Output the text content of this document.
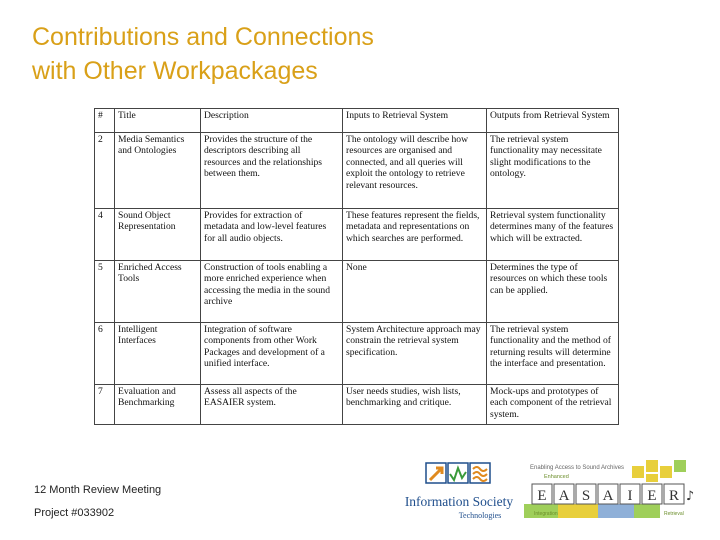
Contributions and Connections
with Other Workpackages
#	Title	Description	Inputs to Retrieval System	Outputs from Retrieval System
2	Media Semantics and Ontologies	Provides the structure of the descriptors describing all resources and the relationships between them.	The ontology will describe how resources are organised and connected, and all queries will exploit the ontology to retrieve relevant resources.	The retrieval system functionality may necessitate slight modifications to the ontology.
4	Sound Object Representation	Provides for extraction of metadata and low-level features for all audio objects.	These features represent the fields, metadata and representations on which searches are performed.	Retrieval system functionality determines many of the features which will be extracted.
5	Enriched Access Tools	Construction of tools enabling a more enriched experience when accessing the media in the sound archive	None	Determines the type of resources on which these tools can be applied.
6	Intelligent Interfaces	Integration of software components from other Work Packages and development of a unified interface.	System Architecture approach may constrain the retrieval system specification.	The retrieval system functionality and the method of returning results will determine the interface and presentation.
7	Evaluation and Benchmarking	Assess all aspects of the EASAIER system.	User needs studies, wish lists, benchmarking and critique.	Mock-ups and prototypes of each component of the retrieval system.
12 Month Review Meeting
Project #033902
Information Society
Technologies
Enabling Access to Sound Archives
Enhanced
E A S A I E R ♪
Integration	Retrieval
